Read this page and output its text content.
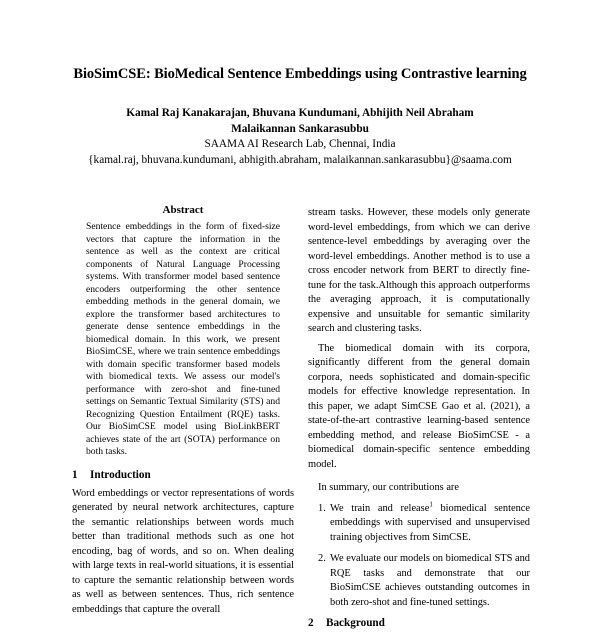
BioSimCSE: BioMedical Sentence Embeddings using Contrastive learning
Kamal Raj Kanakarajan, Bhuvana Kundumani, Abhijith Neil Abraham
Malaikannan Sankarasubbu
SAAMA AI Research Lab, Chennai, India
{kamal.raj, bhuvana.kundumani, abhigith.abraham, malaikannan.sankarasubbu}@saama.com
Abstract

Sentence embeddings in the form of fixed-size vectors that capture the information in the sentence as well as the context are critical components of Natural Language Processing systems. With transformer model based sentence encoders outperforming the other sentence embedding methods in the general domain, we explore the transformer based architectures to generate dense sentence embeddings in the biomedical domain. In this work, we present BioSimCSE, where we train sentence embeddings with domain specific transformer based models with biomedical texts. We assess our model's performance with zero-shot and fine-tuned settings on Semantic Textual Similarity (STS) and Recognizing Question Entailment (RQE) tasks. Our BioSimCSE model using BioLinkBERT achieves state of the art (SOTA) performance on both tasks.

1 Introduction

Word embeddings or vector representations of words generated by neural network architectures, capture the semantic relationships between words much better than traditional methods such as one hot encoding, bag of words, and so on. When dealing with large texts in real-world situations, it is essential to capture the semantic relationship between words as well as between sentences. Thus, rich sentence embeddings that capture the overall

stream tasks. However, these models only generate word-level embeddings, from which we can derive sentence-level embeddings by averaging over the word-level embeddings. Another method is to use a cross encoder network from BERT to directly fine-tune for the task.Although this approach outperforms the averaging approach, it is computationally expensive and unsuitable for semantic similarity search and clustering tasks.

The biomedical domain with its corpora, significantly different from the general domain corpora, needs sophisticated and domain-specific models for effective knowledge representation. In this paper, we adapt SimCSE Gao et al. (2021), a state-of-the-art contrastive learning-based sentence embedding method, and release BioSimCSE - a biomedical domain-specific sentence embedding model.

In summary, our contributions are

1. We train and release$^1$ biomedical sentence embeddings with supervised and unsupervised training objectives from SimCSE.
2. We evaluate our models on biomedical STS and RQE tasks and demonstrate that our BioSimCSE achieves outstanding outcomes in both zero-shot and fine-tuned settings.
2 Background
